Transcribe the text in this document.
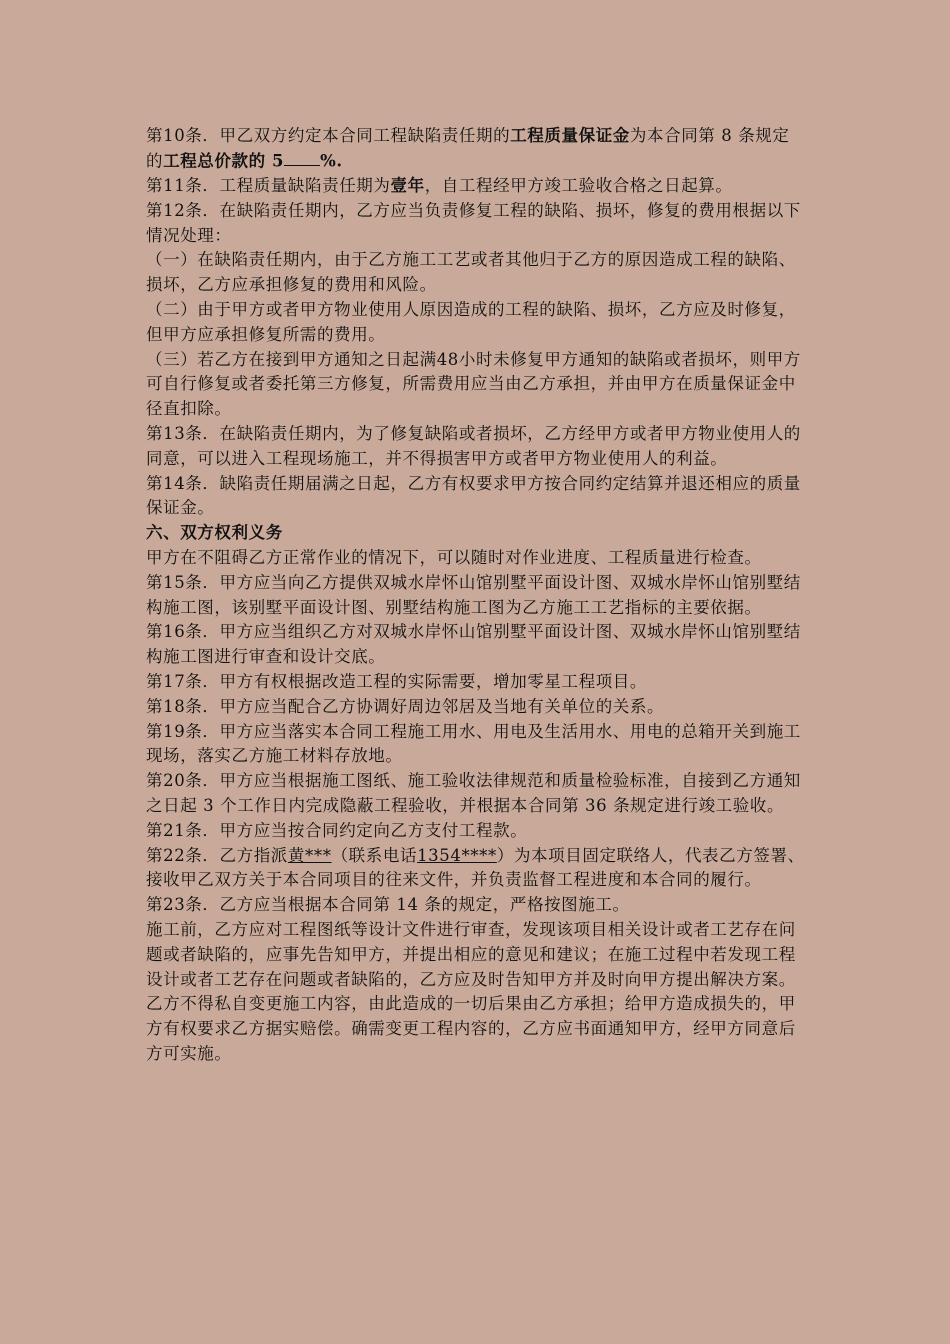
第10条．甲乙双方约定本合同工程缺陷责任期的工程质量保证金为本合同第 8 条规定的工程总价款的 5 %.

第11条．工程质量缺陷责任期为壹年，自工程经甲方竣工验收合格之日起算。

第12条．在缺陷责任期内，乙方应当负责修复工程的缺陷、损坏，修复的费用根据以下情况处理：

（一）在缺陷责任期内，由于乙方施工工艺或者其他归于乙方的原因造成工程的缺陷、损坏，乙方应承担修复的费用和风险。

（二）由于甲方或者甲方物业使用人原因造成的工程的缺陷、损坏，乙方应及时修复，但甲方应承担修复所需的费用。

（三）若乙方在接到甲方通知之日起满48小时未修复甲方通知的缺陷或者损坏，则甲方可自行修复或者委托第三方修复，所需费用应当由乙方承担，并由甲方在质量保证金中径直扣除。

第13条．在缺陷责任期内，为了修复缺陷或者损坏，乙方经甲方或者甲方物业使用人的同意，可以进入工程现场施工，并不得损害甲方或者甲方物业使用人的利益。

第14条．缺陷责任期届满之日起，乙方有权要求甲方按合同约定结算并退还相应的质量保证金。

六、双方权利义务

甲方在不阻碍乙方正常作业的情况下，可以随时对作业进度、工程质量进行检查。

第15条．甲方应当向乙方提供双城水岸怀山馆别墅平面设计图、双城水岸怀山馆别墅结构施工图，该别墅平面设计图、别墅结构施工图为乙方施工工艺指标的主要依据。

第16条．甲方应当组织乙方对双城水岸怀山馆别墅平面设计图、双城水岸怀山馆别墅结构施工图进行审查和设计交底。

第17条．甲方有权根据改造工程的实际需要，增加零星工程项目。

第18条．甲方应当配合乙方协调好周边邻居及当地有关单位的关系。

第19条．甲方应当落实本合同工程施工用水、用电及生活用水、用电的总箱开关到施工现场，落实乙方施工材料存放地。

第20条．甲方应当根据施工图纸、施工验收法律规范和质量检验标准，自接到乙方通知之日起 3 个工作日内完成隐蔽工程验收，并根据本合同第 36 条规定进行竣工验收。

第21条．甲方应当按合同约定向乙方支付工程款。

第22条．乙方指派黄***（联系电话1354****）为本项目固定联络人，代表乙方签署、接收甲乙双方关于本合同项目的往来文件，并负责监督工程进度和本合同的履行。

第23条．乙方应当根据本合同第 14 条的规定，严格按图施工。

施工前，乙方应对工程图纸等设计文件进行审查，发现该项目相关设计或者工艺存在问题或者缺陷的，应事先告知甲方，并提出相应的意见和建议；在施工过程中若发现工程设计或者工艺存在问题或者缺陷的，乙方应及时告知甲方并及时向甲方提出解决方案。

乙方不得私自变更施工内容，由此造成的一切后果由乙方承担；给甲方造成损失的，甲方有权要求乙方据实赔偿。确需变更工程内容的，乙方应书面通知甲方，经甲方同意后方可实施。
